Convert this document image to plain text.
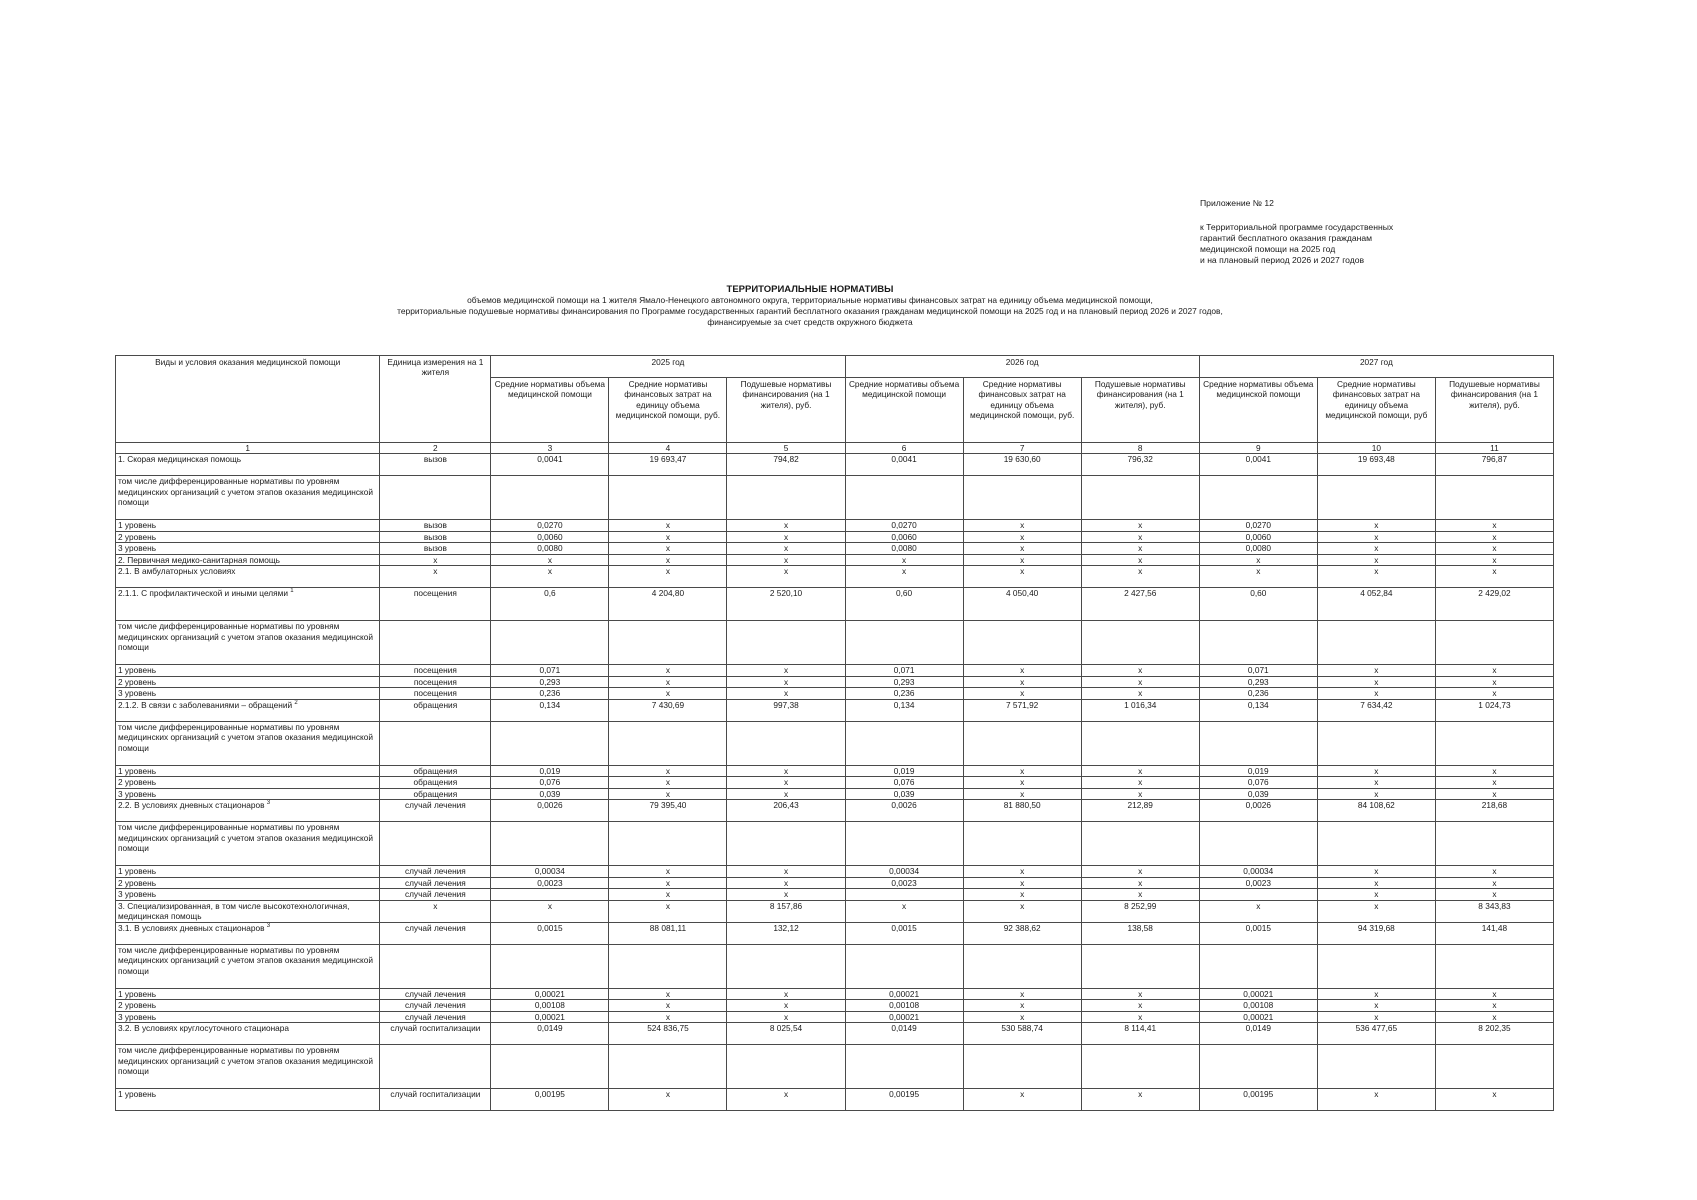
Приложение № 12
к Территориальной программе государственных
гарантий бесплатного оказания гражданам
медицинской помощи на 2025 год
и на плановый период 2026 и 2027 годов
ТЕРРИТОРИАЛЬНЫЕ НОРМАТИВЫ
объемов медицинской помощи на 1 жителя Ямало-Ненецкого автономного округа, территориальные нормативы финансовых затрат на единицу объема медицинской помощи,
территориальные подушевые нормативы финансирования по Программе государственных гарантий бесплатного оказания гражданам медицинской помощи на 2025 год и на плановый период 2026 и 2027 годов,
финансируемые за счет средств окружного бюджета
Виды и условия оказания медицинской помощи	Единица измерения на 1 жителя	2025 год			2026 год			2027 год		
		Средние нормативы объема медицинской помощи	Средние нормативы финансовых затрат на единицу объема медицинской помощи, руб.	Подушевые нормативы финансирования (на 1 жителя), руб.	Средние нормативы объема медицинской помощи	Средние нормативы финансовых затрат на единицу объема медицинской помощи, руб.	Подушевые нормативы финансирования (на 1 жителя), руб.	Средние нормативы объема медицинской помощи	Средние нормативы финансовых затрат на единицу объема медицинской помощи, руб	Подушевые нормативы финансирования (на 1 жителя), руб.
1	2	3	4	5	6	7	8	9	10	11
1. Скорая медицинская помощь	вызов	0,0041	19 693,47	794,82	0,0041	19 630,60	796,32	0,0041	19 693,48	796,87
том числе дифференцированные нормативы по уровням медицинских организаций с учетом этапов оказания медицинской помощи										
1 уровень	вызов	0,0270	х	х	0,0270	х	х	0,0270	х	х
2 уровень	вызов	0,0060	х	х	0,0060	х	х	0,0060	х	х
3 уровень	вызов	0,0080	х	х	0,0080	х	х	0,0080	х	х
2. Первичная медико-санитарная помощь	х	х	х	х	х	х	х	х	х	х
2.1. В амбулаторных условиях	х	х	х	х	х	х	х	х	х	х
2.1.1. С профилактической и иными целями $^1$	посещения	0,6	4 204,80	2 520,10	0,60	4 050,40	2 427,56	0,60	4 052,84	2 429,02
том числе дифференцированные нормативы по уровням медицинских организаций с учетом этапов оказания медицинской помощи										
1 уровень	посещения	0,071	х	х	0,071	х	х	0,071	х	х
2 уровень	посещения	0,293	х	х	0,293	х	х	0,293	х	х
3 уровень	посещения	0,236	х	х	0,236	х	х	0,236	х	х
2.1.2. В связи с заболеваниями – обращений $^2$	обращения	0,134	7 430,69	997,38	0,134	7 571,92	1 016,34	0,134	7 634,42	1 024,73
том числе дифференцированные нормативы по уровням медицинских организаций с учетом этапов оказания медицинской помощи										
1 уровень	обращения	0,019	х	х	0,019	х	х	0,019	х	х
2 уровень	обращения	0,076	х	х	0,076	х	х	0,076	х	х
3 уровень	обращения	0,039	х	х	0,039	х	х	0,039	х	х
2.2. В условиях дневных стационаров $^3$	случай лечения	0,0026	79 395,40	206,43	0,0026	81 880,50	212,89	0,0026	84 108,62	218,68
том числе дифференцированные нормативы по уровням медицинских организаций с учетом этапов оказания медицинской помощи										
1 уровень	случай лечения	0,00034	х	х	0,00034	х	х	0,00034	х	х
2 уровень	случай лечения	0,0023	х	х	0,0023	х	х	0,0023	х	х
3 уровень	случай лечения		х	х		х	х		х	х
3. Специализированная, в том числе высокотехнологичная, медицинская помощь	х	х	х	8 157,86	х	х	8 252,99	х	х	8 343,83
3.1. В условиях дневных стационаров $^3$	случай лечения	0,0015	88 081,11	132,12	0,0015	92 388,62	138,58	0,0015	94 319,68	141,48
том числе дифференцированные нормативы по уровням медицинских организаций с учетом этапов оказания медицинской помощи										
1 уровень	случай лечения	0,00021	х	х	0,00021	х	х	0,00021	х	х
2 уровень	случай лечения	0,00108	х	х	0,00108	х	х	0,00108	х	х
3 уровень	случай лечения	0,00021	х	х	0,00021	х	х	0,00021	х	х
3.2. В условиях круглосуточного стационара	случай госпитализации	0,0149	524 836,75	8 025,54	0,0149	530 588,74	8 114,41	0,0149	536 477,65	8 202,35
том числе дифференцированные нормативы по уровням медицинских организаций с учетом этапов оказания медицинской помощи										
1 уровень	случай госпитализации	0,00195	х	х	0,00195	х	х	0,00195	х	х
